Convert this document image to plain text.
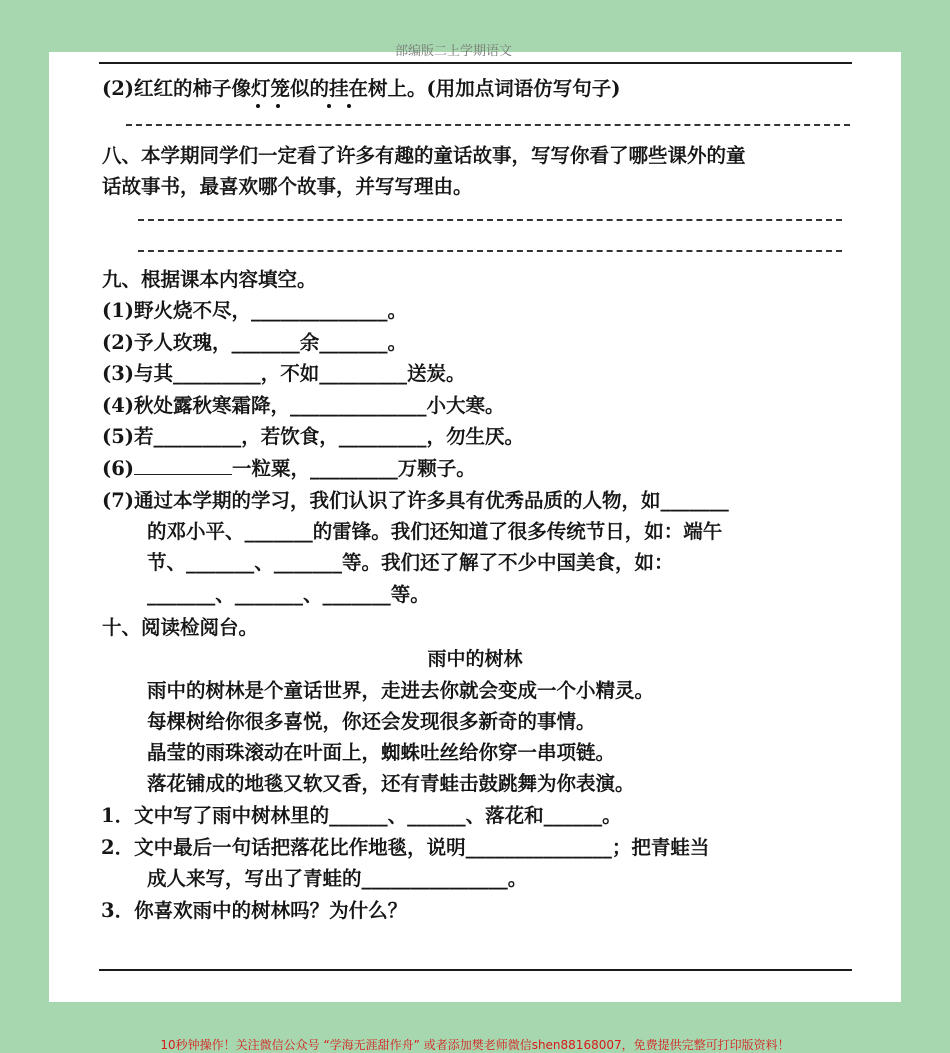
部编版二上学期语文
(2)红红的柿子像灯笼似的挂在树上。(用加点词语仿写句子)
八、本学期同学们一定看了许多有趣的童话故事，写写你看了哪些课外的童
话故事书，最喜欢哪个故事，并写写理由。
九、根据课本内容填空。
(1)野火烧不尽，______________。
(2)予人玫瑰，_______余_______。
(3)与其_________，不如_________送炭。
(4)秋处露秋寒霜降，______________小大寒。
(5)若_________，若饮食，_________，勿生厌。
(6)	一粒粟，_________万颗子。
(7)通过本学期的学习，我们认识了许多具有优秀品质的人物，如_______
的邓小平、_______的雷锋。我们还知道了很多传统节日，如：端午
节、_______、_______等。我们还了解了不少中国美食，如：
_______、_______、_______等。
十、阅读检阅台。
雨中的树林
雨中的树林是个童话世界，走进去你就会变成一个小精灵。
每棵树给你很多喜悦，你还会发现很多新奇的事情。
晶莹的雨珠滚动在叶面上，蜘蛛吐丝给你穿一串项链。
落花铺成的地毯又软又香，还有青蛙击鼓跳舞为你表演。
1．文中写了雨中树林里的______、______、落花和______。
2．文中最后一句话把落花比作地毯，说明_______________；把青蛙当
成人来写，写出了青蛙的_______________。
3．你喜欢雨中的树林吗？为什么？
10秒钟操作！关注微信公众号 “学海无涯甜作舟” 或者添加樊老师微信shen88168007，免费提供完整可打印版资料！
